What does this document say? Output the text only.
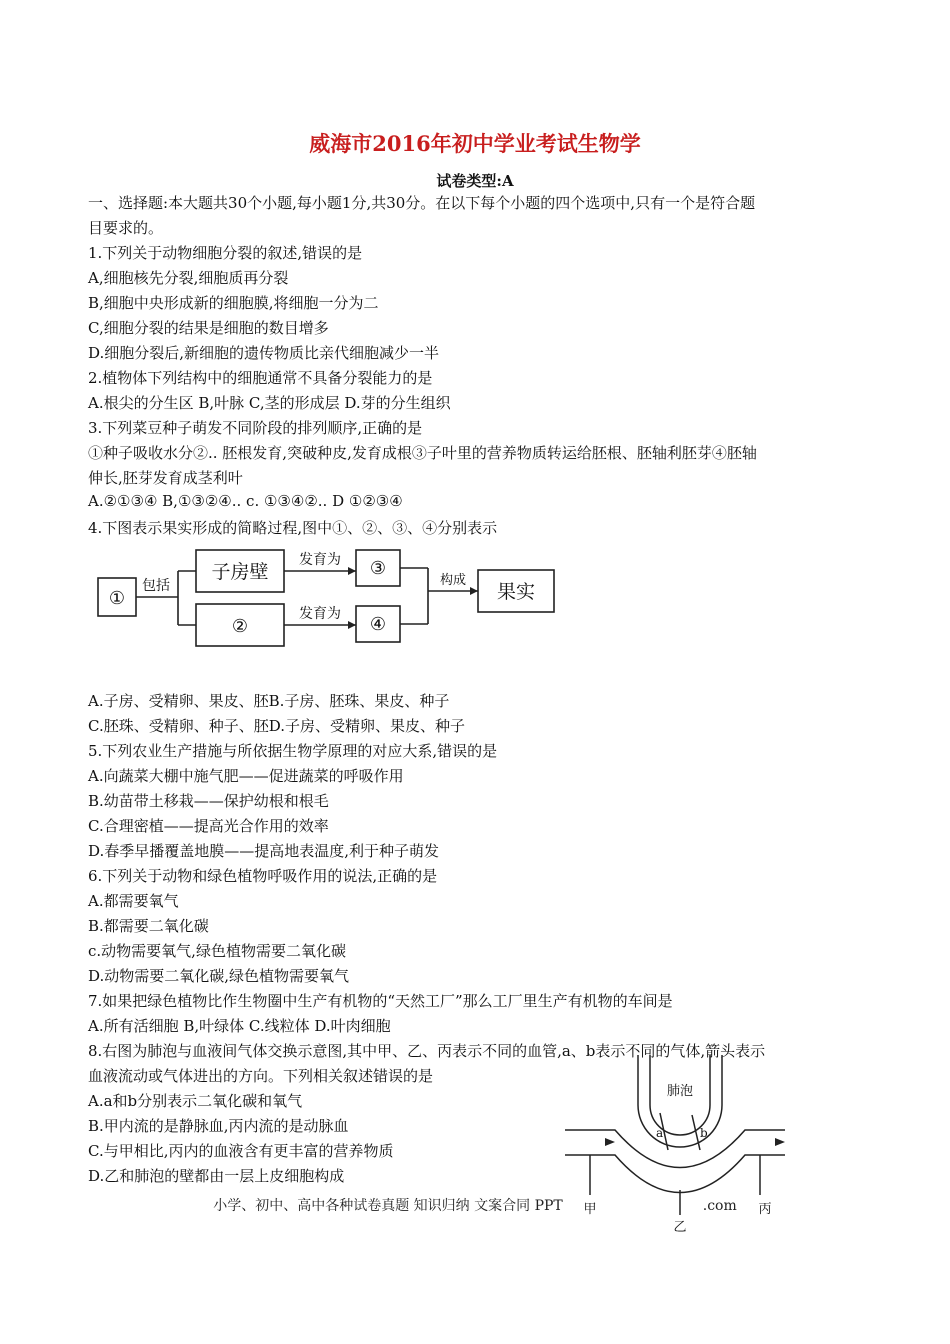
威海市2016年初中学业考试生物学
试卷类型:A
一、选择题:本大题共30个小题,每小题1分,共30分。在以下每个小题的四个选项中,只有一个是符合题
目要求的。
1.下列关于动物细胞分裂的叙述,错误的是
A,细胞核先分裂,细胞质再分裂
B,细胞中央形成新的细胞膜,将细胞一分为二
C,细胞分裂的结果是细胞的数目增多
D.细胞分裂后,新细胞的遗传物质比亲代细胞减少一半
2.植物体下列结构中的细胞通常不具备分裂能力的是
A.根尖的分生区 B,叶脉 C,茎的形成层 D.芽的分生组织
3.下列菜豆种子萌发不同阶段的排列顺序,正确的是
①种子吸收水分②.. 胚根发育,突破种皮,发育成根③子叶里的营养物质转运给胚根、胚轴利胚芽④胚轴
伸长,胚芽发育成茎利叶
A.②①③④ B,①③②④.. c. ①③④②.. D ①②③④
4.下图表示果实形成的简略过程,图中①、②、③、④分别表示
A.子房、受精卵、果皮、胚B.子房、胚珠、果皮、种子
C.胚珠、受精卵、种子、胚D.子房、受精卵、果皮、种子
5.下列农业生产措施与所依据生物学原理的对应大系,错误的是
A.向蔬菜大棚中施气肥——促进蔬菜的呼吸作用
B.幼苗带土移栽——保护幼根和根毛
C.合理密植——提高光合作用的效率
D.春季早播覆盖地膜——提高地表温度,利于种子萌发
6.下列关于动物和绿色植物呼吸作用的说法,正确的是
A.都需要氧气
B.都需要二氧化碳
c.动物需要氧气,绿色植物需要二氧化碳
D.动物需要二氧化碳,绿色植物需要氧气
7.如果把绿色植物比作生物圈中生产有机物的“天然工厂”那么工厂里生产有机物的车间是
A.所有活细胞 B,叶绿体 C.线粒体 D.叶肉细胞
8.右图为肺泡与血液间气体交换示意图,其中甲、乙、丙表示不同的血管,a、b表示不同的气体,箭头表示
血液流动或气体进出的方向。下列相关叙述错误的是
A.a和b分别表示二氧化碳和氧气
B.甲内流的是静脉血,丙内流的是动脉血
C.与甲相比,丙内的血液含有更丰富的营养物质
D.乙和肺泡的壁都由一层上皮细胞构成
①
包括
子房壁
②
发育为
发育为
③
④
构成
果实
肺泡
a	b
甲
乙
丙
小学、初中、高中各种试卷真题 知识归纳 文案合同 PPT	.com
